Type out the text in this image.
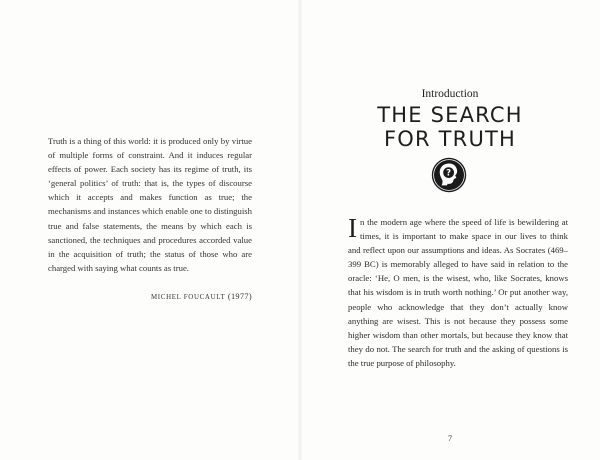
Truth is a thing of this world: it is produced only by virtue of multiple forms of constraint. And it induces regular effects of power. Each society has its regime of truth, its ‘general politics’ of truth: that is, the types of discourse which it accepts and makes function as true; the mechanisms and instances which enable one to distinguish true and false statements, the means by which each is sanctioned, the techniques and procedures accorded value in the acquisition of truth; the status of those who are charged with saying what counts as true.
MICHEL FOUCAULT (1977)
Introduction
THE SEARCH
FOR TRUTH
?
In the modern age where the speed of life is bewildering at times, it is important to make space in our lives to think and reflect upon our assumptions and ideas. As Socrates (469–399 BC) is memorably alleged to have said in relation to the oracle: ‘He, O men, is the wisest, who, like Socrates, knows that his wisdom is in truth worth nothing.’ Or put another way, people who acknowledge that they don’t actually know anything are wisest. This is not because they possess some higher wisdom than other mortals, but because they know that they do not. The search for truth and the asking of questions is the true purpose of philosophy.
7
